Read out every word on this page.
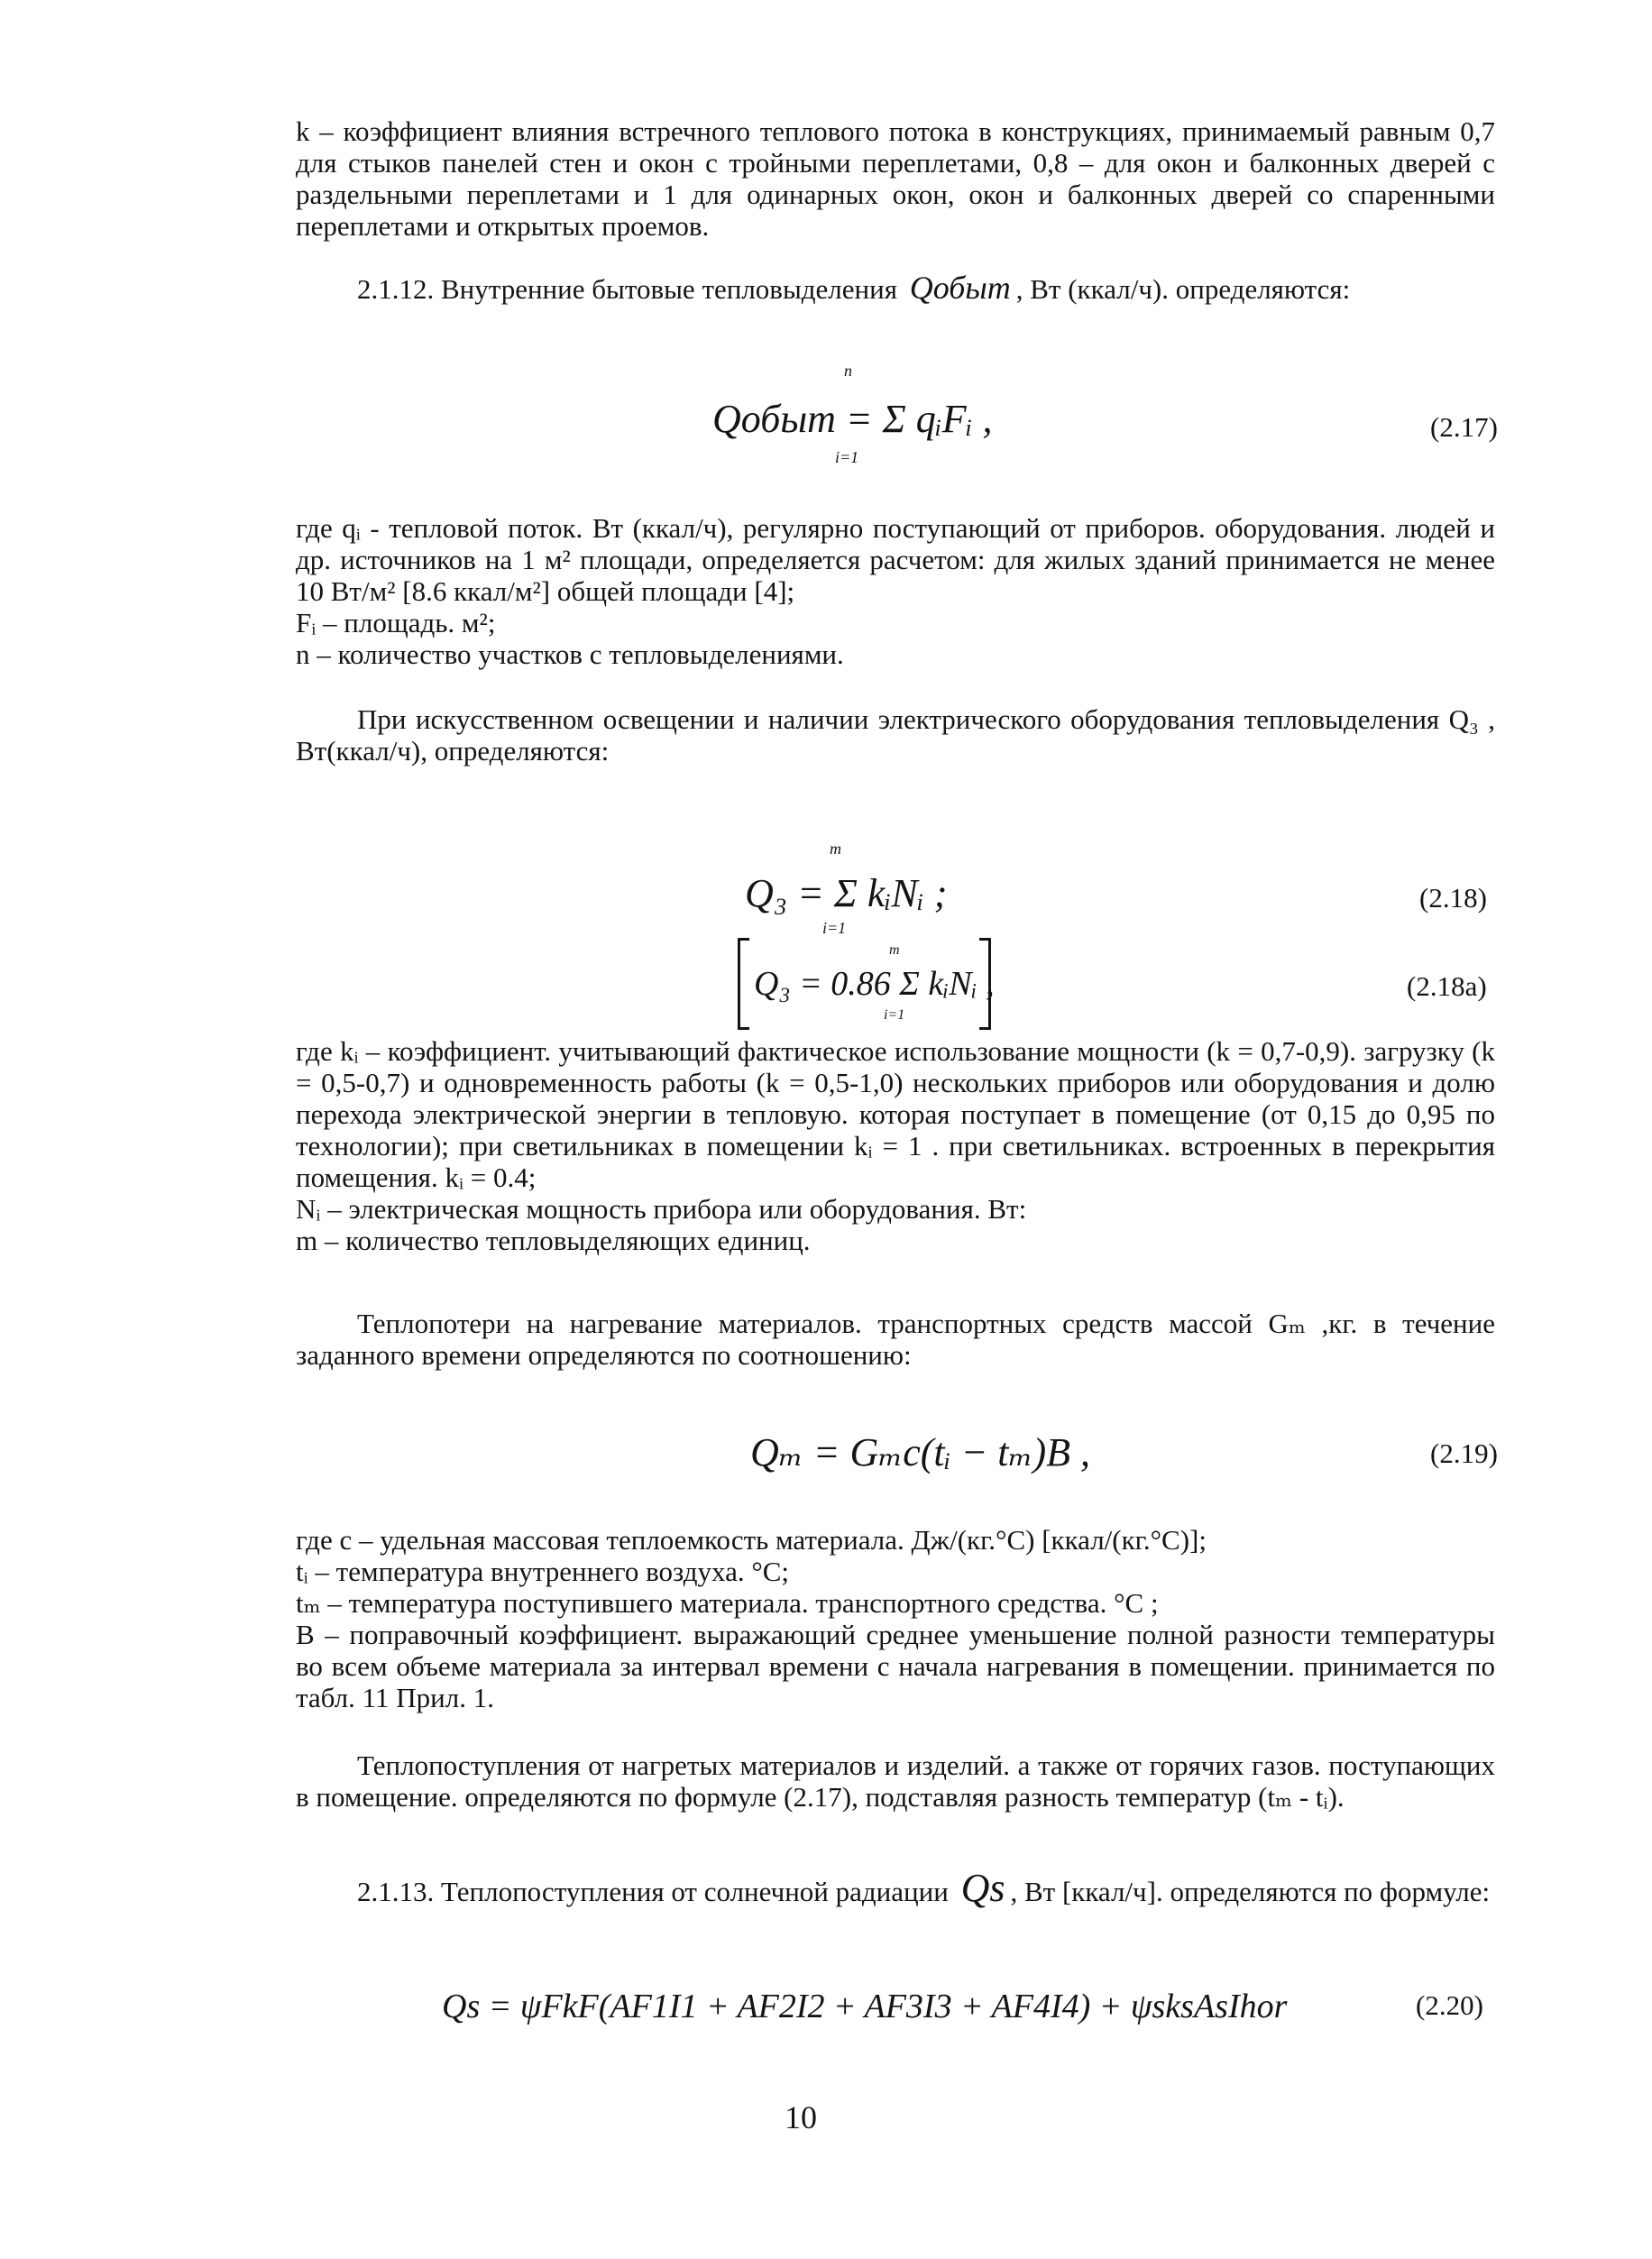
k – коэффициент влияния встречного теплового потока в конструкциях, принимаемый равным 0,7 для стыков панелей стен и окон с тройными переплетами, 0,8 – для окон и балконных дверей с раздельными переплетами и 1 для одинарных окон, окон и балконных дверей со спаренными переплетами и открытых проемов.

2.1.12. Внутренние бытовые тепловыделения Qобыт , Вт (ккал/ч). определяются:

Qобыт = Σ qᵢFᵢ ,
n
i=1
(2.17)

где qᵢ - тепловой поток. Вт (ккал/ч), регулярно поступающий от приборов. оборудования. людей и др. источников на 1 м² площади, определяется расчетом: для жилых зданий принимается не менее 10 Вт/м² [8.6 ккал/м²] общей площади [4];

Fᵢ – площадь. м²;

n – количество участков с тепловыделениями.

При искусственном освещении и наличии электрического оборудования тепловыделения Q₃ , Вт(ккал/ч), определяются:

Q₃ = Σ kᵢNᵢ ;
m
i=1
(2.18)
Q₃ = 0.86 Σ kᵢNᵢ ,
m
i=1
(2.18а)

где kᵢ – коэффициент. учитывающий фактическое использование мощности (k = 0,7-0,9). загрузку (k = 0,5-0,7) и одновременность работы (k = 0,5-1,0) нескольких приборов или оборудования и долю перехода электрической энергии в тепловую. которая поступает в помещение (от 0,15 до 0,95 по технологии); при светильниках в помещении kᵢ = 1 . при светильниках. встроенных в перекрытия помещения. kᵢ = 0.4;

Nᵢ – электрическая мощность прибора или оборудования. Вт:

m – количество тепловыделяющих единиц.

Теплопотери на нагревание материалов. транспортных средств массой Gₘ ,кг. в течение заданного времени определяются по соотношению:

Qₘ = Gₘc(tᵢ − tₘ)B ,	(2.19)

где c – удельная массовая теплоемкость материала. Дж/(кг.°С) [ккал/(кг.°С)];

tᵢ – температура внутреннего воздуха. °С;

tₘ – температура поступившего материала. транспортного средства. °С ;

B – поправочный коэффициент. выражающий среднее уменьшение полной разности температуры во всем объеме материала за интервал времени с начала нагревания в помещении. принимается по табл. 11 Прил. 1.

Теплопоступления от нагретых материалов и изделий. а также от горячих газов. поступающих в помещение. определяются по формуле (2.17), подставляя разность температур (tₘ - tᵢ).

2.1.13. Теплопоступления от солнечной радиации Qs , Вт [ккал/ч]. определяются по формуле:

Qs = ψFkF(AF1I1 + AF2I2 + AF3I3 + AF4I4) + ψsksAsIhor	(2.20)
10
